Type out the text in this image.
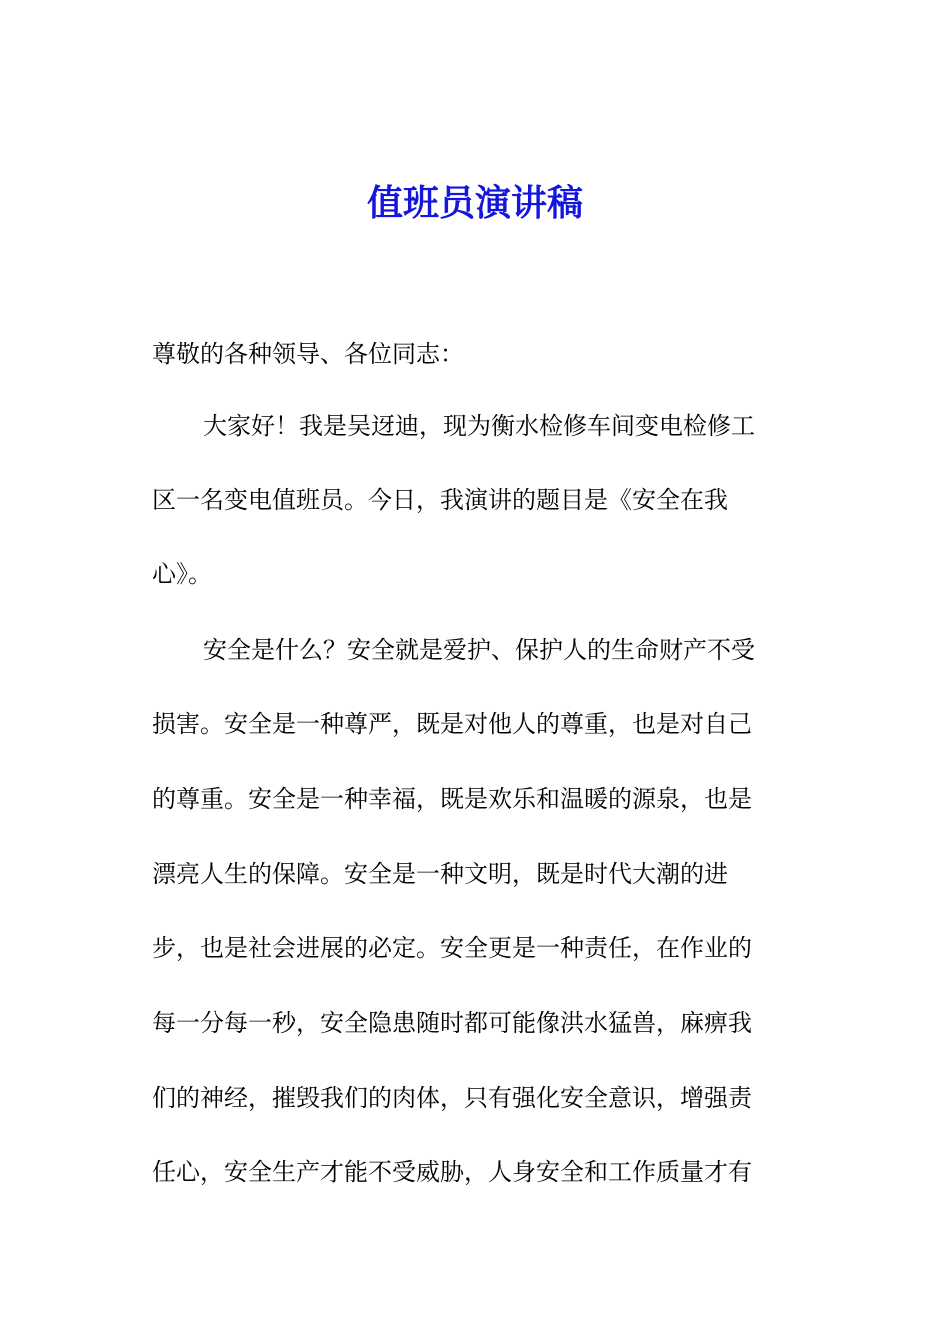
值班员演讲稿
尊敬的各种领导、各位同志：
大家好！我是吴迓迪，现为衡水检修车间变电检修工
区一名变电值班员。今日，我演讲的题目是《安全在我
心》。
安全是什么？安全就是爱护、保护人的生命财产不受
损害。安全是一种尊严，既是对他人的尊重，也是对自己
的尊重。安全是一种幸福，既是欢乐和温暖的源泉，也是
漂亮人生的保障。安全是一种文明，既是时代大潮的进
步，也是社会进展的必定。安全更是一种责任，在作业的
每一分每一秒，安全隐患随时都可能像洪水猛兽，麻痹我
们的神经，摧毁我们的肉体，只有强化安全意识，增强责
任心，安全生产才能不受威胁，人身安全和工作质量才有
